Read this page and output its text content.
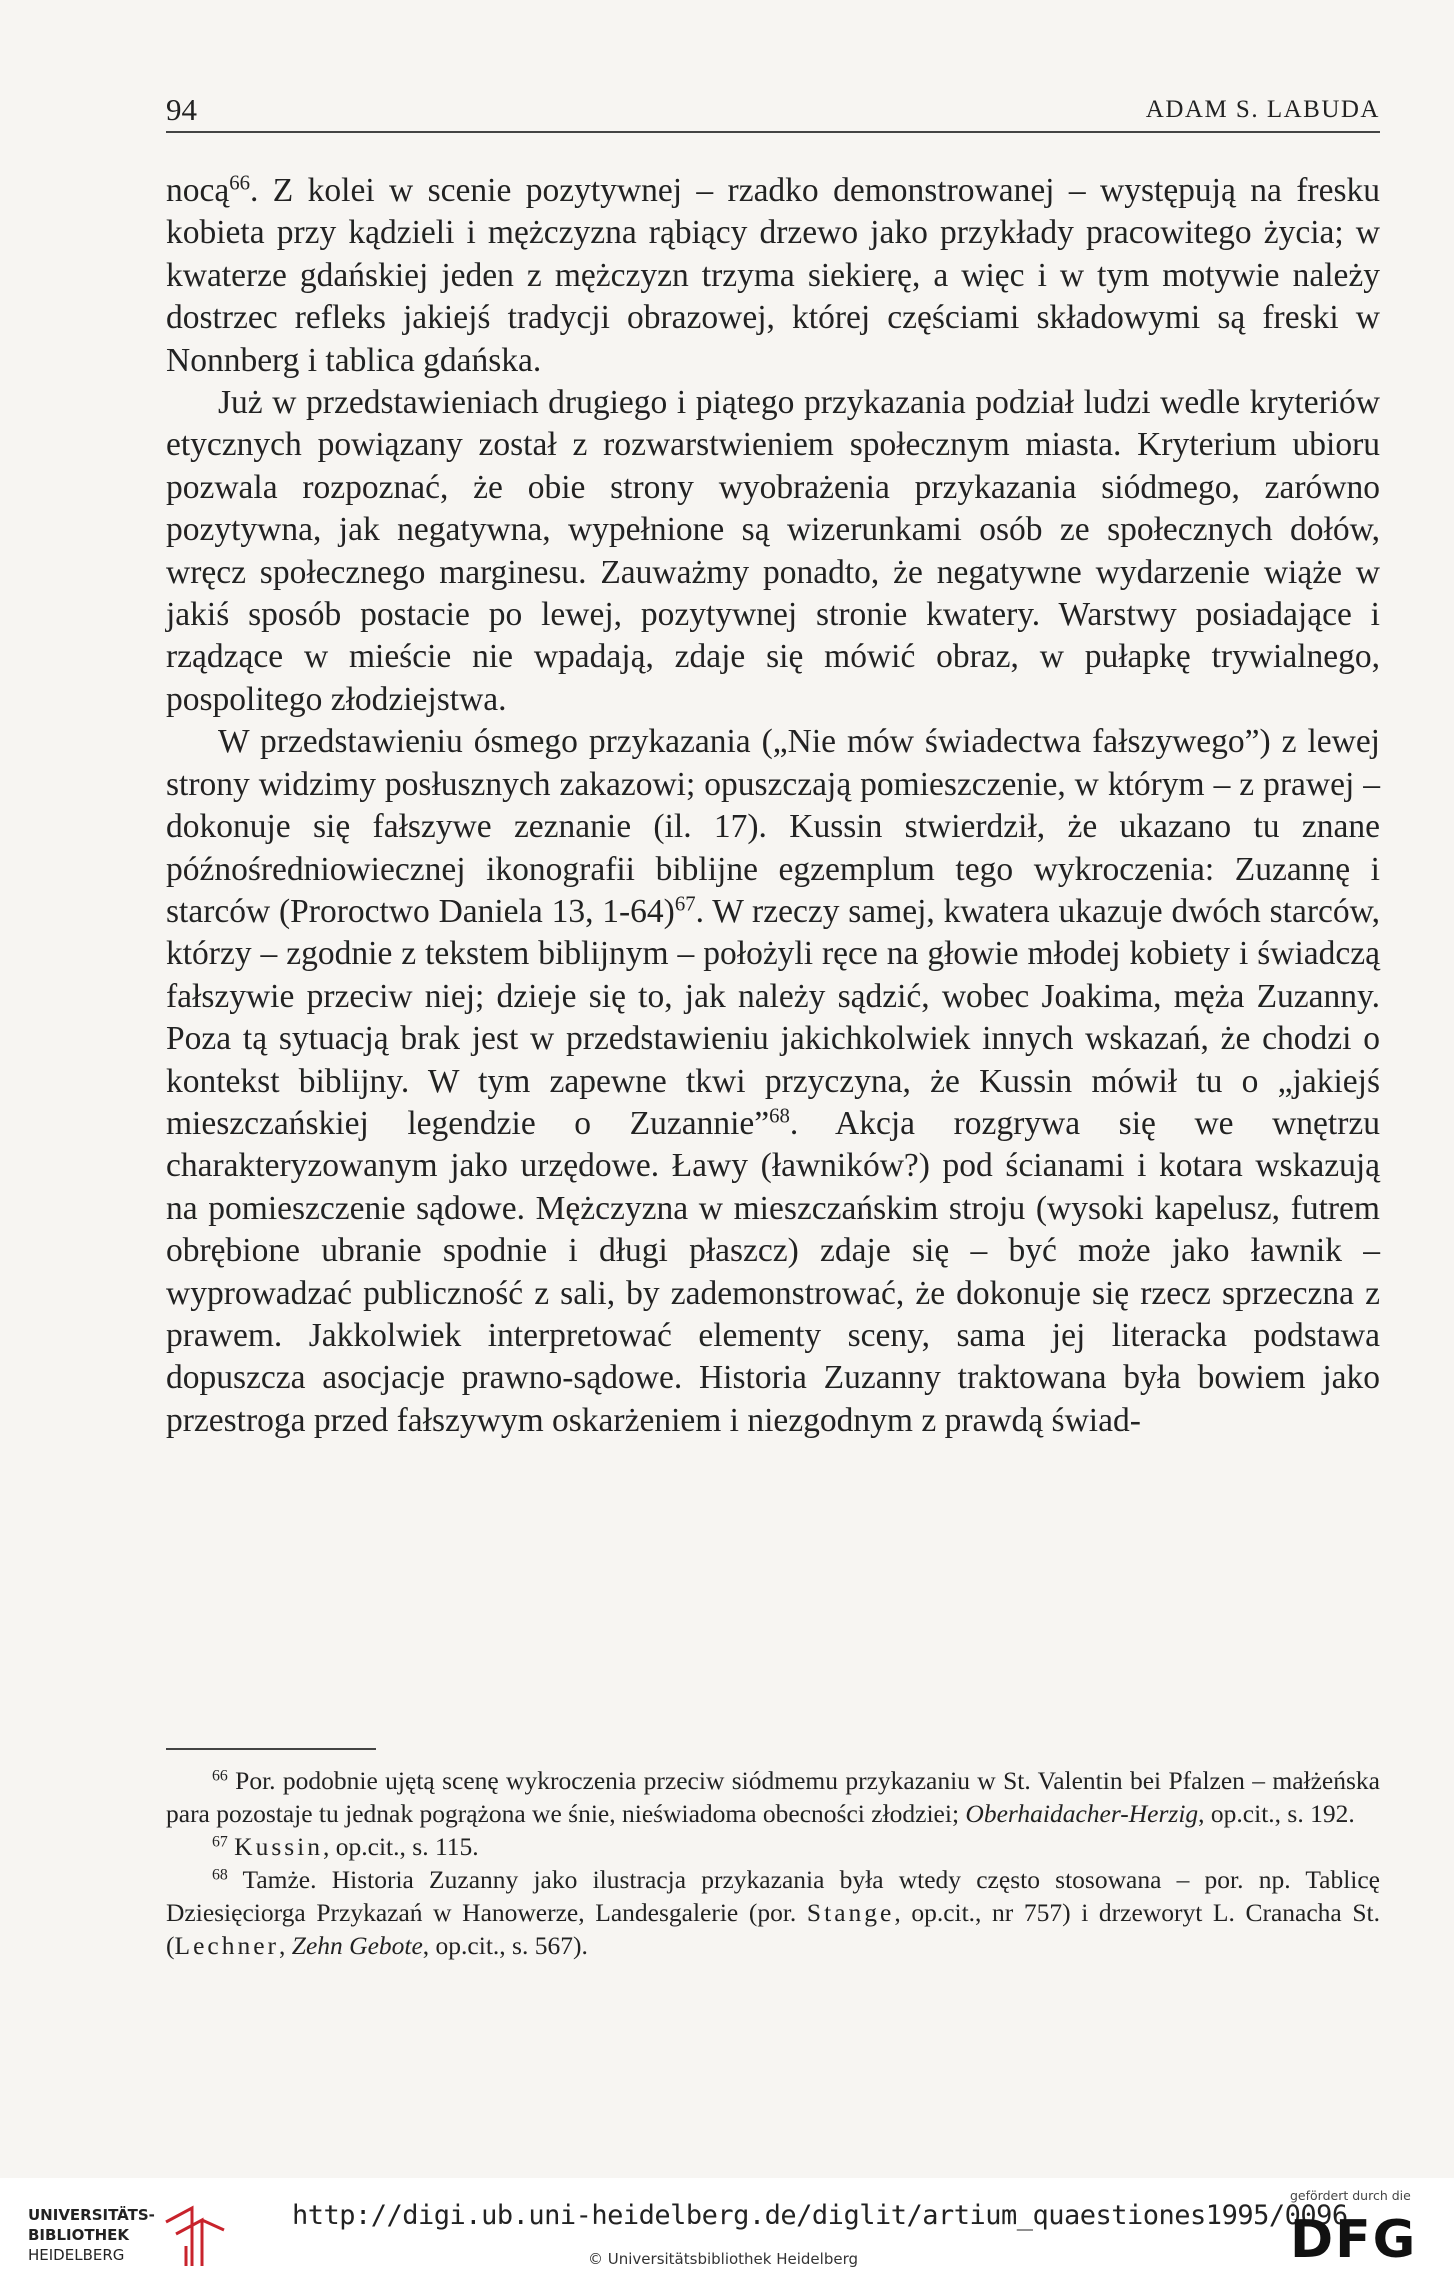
94	ADAM S. LABUDA

nocą$^{66}$. Z kolei w scenie pozytywnej – rzadko demonstrowanej – występują na fresku kobieta przy kądzieli i mężczyzna rąbiący drzewo jako przykłady pracowitego życia; w kwaterze gdańskiej jeden z mężczyzn trzyma siekierę, a więc i w tym motywie należy dostrzec refleks jakiejś tradycji obrazowej, której częściami składowymi są freski w Nonnberg i tablica gdańska.

Już w przedstawieniach drugiego i piątego przykazania podział ludzi wedle kryteriów etycznych powiązany został z rozwarstwieniem społecznym miasta. Kryterium ubioru pozwala rozpoznać, że obie strony wyobrażenia przykazania siódmego, zarówno pozytywna, jak negatywna, wypełnione są wizerunkami osób ze społecznych dołów, wręcz społecznego marginesu. Zauważmy ponadto, że negatywne wydarzenie wiąże w jakiś sposób postacie po lewej, pozytywnej stronie kwatery. Warstwy posiadające i rządzące w mieście nie wpadają, zdaje się mówić obraz, w pułapkę trywialnego, pospolitego złodziejstwa.

W przedstawieniu ósmego przykazania („Nie mów świadectwa fałszywego”) z lewej strony widzimy posłusznych zakazowi; opuszczają pomieszczenie, w którym – z prawej – dokonuje się fałszywe zeznanie (il. 17). Kussin stwierdził, że ukazano tu znane późnośredniowiecznej ikonografii biblijne egzemplum tego wykroczenia: Zuzannę i starców (Proroctwo Daniela 13, 1-64)$^{67}$. W rzeczy samej, kwatera ukazuje dwóch starców, którzy – zgodnie z tekstem biblijnym – położyli ręce na głowie młodej kobiety i świadczą fałszywie przeciw niej; dzieje się to, jak należy sądzić, wobec Joakima, męża Zuzanny. Poza tą sytuacją brak jest w przedstawieniu jakichkolwiek innych wskazań, że chodzi o kontekst biblijny. W tym zapewne tkwi przyczyna, że Kussin mówił tu o „jakiejś mieszczańskiej legendzie o Zuzannie”$^{68}$. Akcja rozgrywa się we wnętrzu charakteryzowanym jako urzędowe. Ławy (ławników?) pod ścianami i kotara wskazują na pomieszczenie sądowe. Mężczyzna w mieszczańskim stroju (wysoki kapelusz, futrem obrębione ubranie spodnie i długi płaszcz) zdaje się – być może jako ławnik – wyprowadzać publiczność z sali, by zademonstrować, że dokonuje się rzecz sprzeczna z prawem. Jakkolwiek interpretować elementy sceny, sama jej literacka podstawa dopuszcza asocjacje prawno-sądowe. Historia Zuzanny traktowana była bowiem jako przestroga przed fałszywym oskarżeniem i niezgodnym z prawdą świad-

$^{66}$ Por. podobnie ujętą scenę wykroczenia przeciw siódmemu przykazaniu w St. Valentin bei Pfalzen – małżeńska para pozostaje tu jednak pogrążona we śnie, nieświadoma obecności złodziei; Oberhaidacher-Herzig, op.cit., s. 192.

$^{67}$ Kussin, op.cit., s. 115.

$^{68}$ Tamże. Historia Zuzanny jako ilustracja przykazania była wtedy często stosowana – por. np. Tablicę Dziesięciorga Przykazań w Hanowerze, Landesgalerie (por. Stange, op.cit., nr 757) i drzeworyt L. Cranacha St. (Lechner, Zehn Gebote, op.cit., s. 567).

UNIVERSITÄTS-
BIBLIOTHEK
HEIDELBERG
http://digi.ub.uni-heidelberg.de/diglit/artium_quaestiones1995/0096
© Universitätsbibliothek Heidelberg
gefördert durch die
DFG
